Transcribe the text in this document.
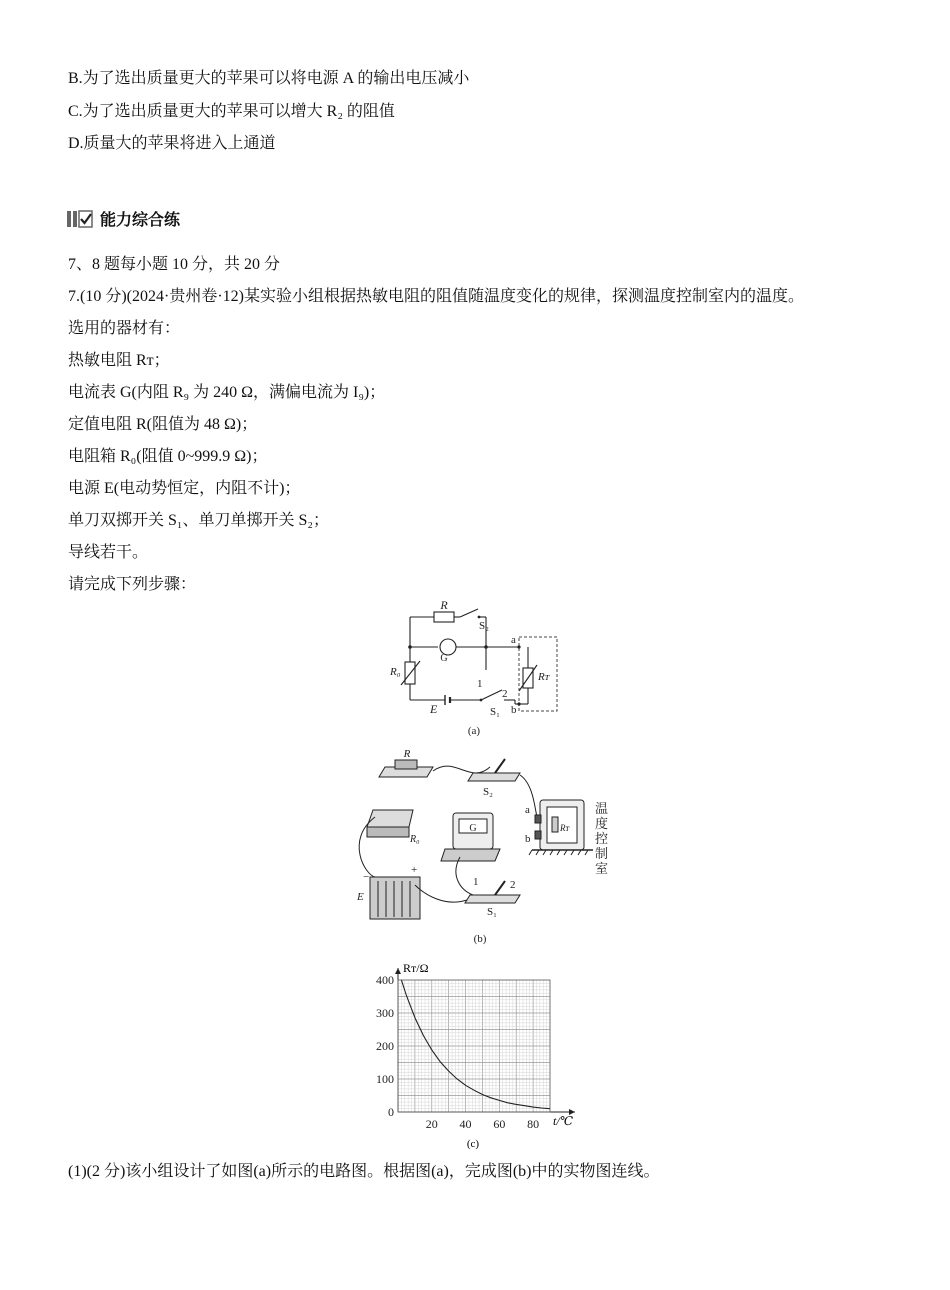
B.为了选出质量更大的苹果可以将电源 A 的输出电压减小
C.为了选出质量更大的苹果可以增大 R₂ 的阻值
D.质量大的苹果将进入上通道
能力综合练
7、8 题每小题 10 分，共 20 分
7.(10 分)(2024·贵州卷·12)某实验小组根据热敏电阻的阻值随温度变化的规律，探测温度控制室内的温度。
选用的器材有：
热敏电阻 Rᴛ；
电流表 G(内阻 R₉ 为 240 Ω，满偏电流为 I₉)；
定值电阻 R(阻值为 48 Ω)；
电阻箱 R₀(阻值 0~999.9 Ω)；
电源 E(电动势恒定，内阻不计)；
单刀双掷开关 S₁、单刀单掷开关 S₂；
导线若干。
请完成下列步骤：
G
R
S₂
R₀
E	S₁
1
2
a
b
Rᴛ
(a)
R
S₂
R₀
G
E
−
+
1	2
S₁
a
b
Rᴛ
温
度
控
制
室
(b)
0
100
200
300
400
20 40 60 80
Rᴛ/Ω
t/℃
(c)
(1)(2 分)该小组设计了如图(a)所示的电路图。根据图(a)，完成图(b)中的实物图连线。
